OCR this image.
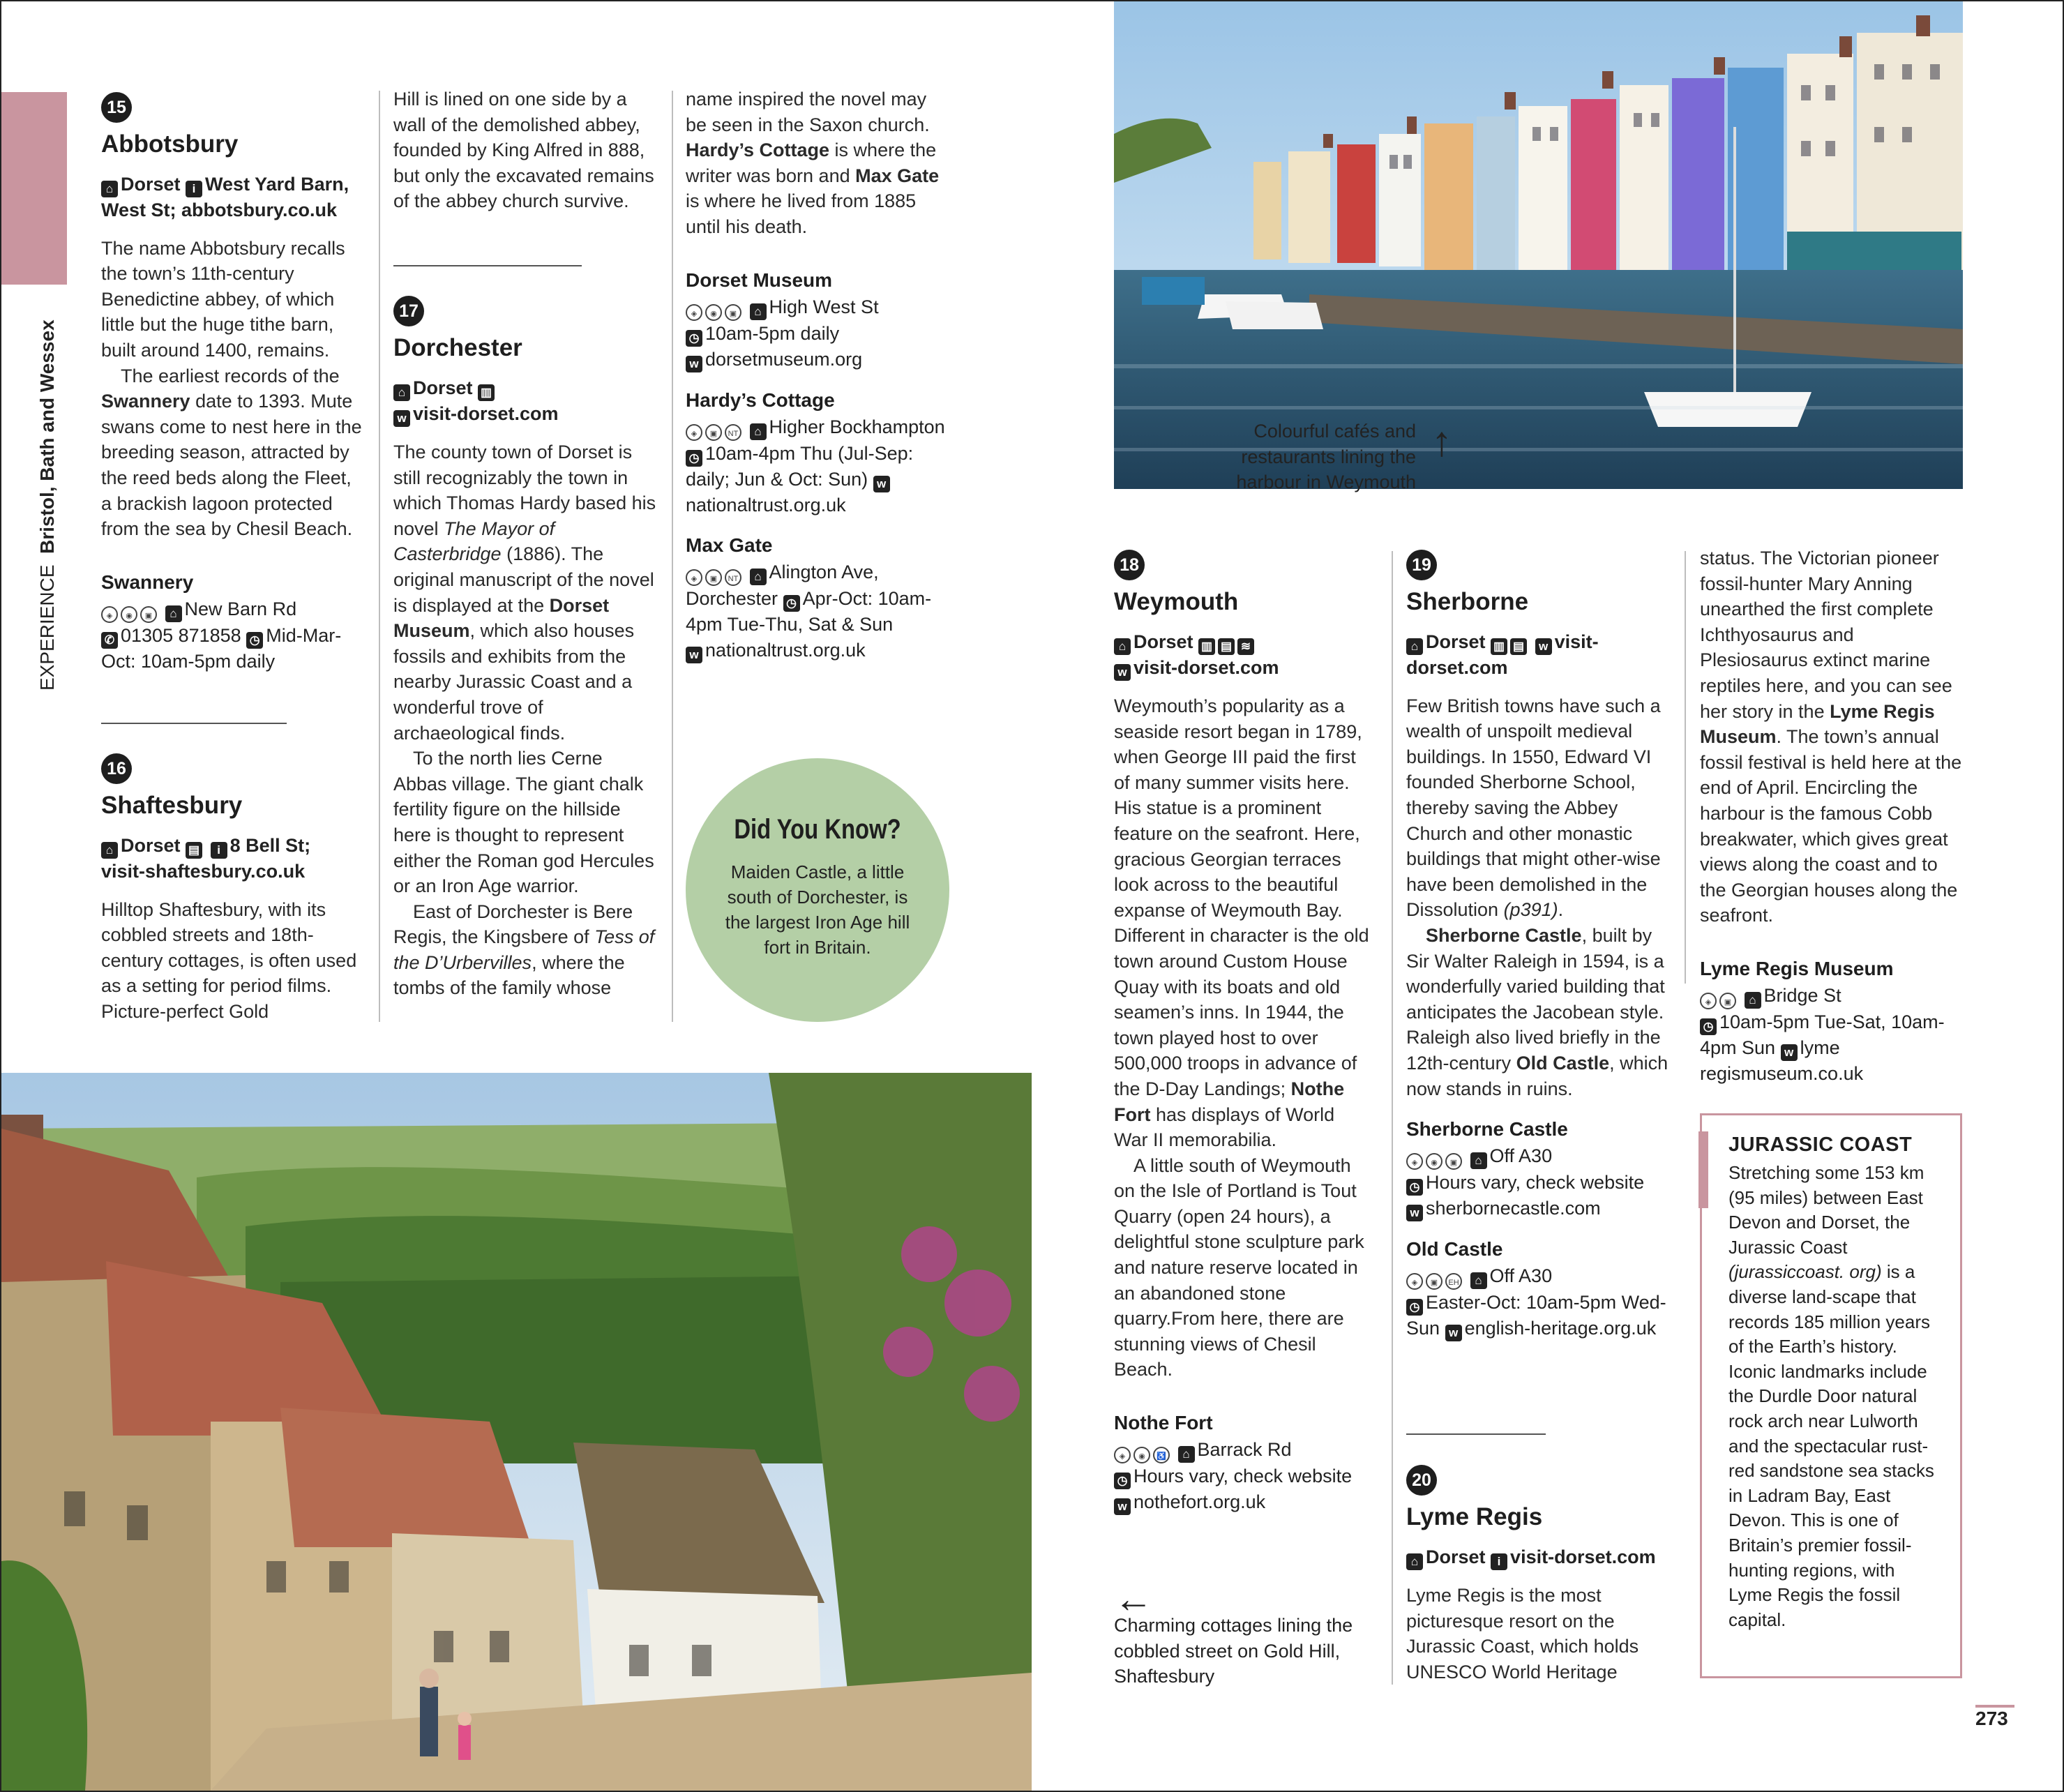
EXPERIENCE  Bristol, Bath and Wessex
15
Abbotsbury
⌂ Dorset i West Yard Barn, West St; abbotsbury.co.uk

The name Abbotsbury recalls the town’s 11th-century Benedictine abbey, of which little but the huge tithe barn, built around 1400, remains.

The earliest records of the Swannery date to 1393. Mute swans come to nest here in the breeding season, attracted by the reed beds along the Fleet, a brackish lagoon protected from the sea by Chesil Beach.

Swannery
◈ ◉ ▣ ⌂ New Barn Rd
✆ 01305 871858 ◷ Mid-Mar-Oct: 10am-5pm daily
16
Shaftesbury
⌂ Dorset ▤ i 8 Bell St;
visit-shaftesbury.co.uk

Hilltop Shaftesbury, with its cobbled streets and 18th-century cottages, is often used as a setting for period films. Picture-perfect Gold

Hill is lined on one side by a wall of the demolished abbey, founded by King Alfred in 888, but only the excavated remains of the abbey church survive.

17
Dorchester
⌂ Dorset ▥
w visit-dorset.com

The county town of Dorset is still recognizably the town in which Thomas Hardy based his novel The Mayor of Casterbridge (1886). The original manuscript of the novel is displayed at the Dorset Museum, which also houses fossils and exhibits from the nearby Jurassic Coast and a wonderful trove of archaeological finds.

To the north lies Cerne Abbas village. The giant chalk fertility figure on the hillside here is thought to represent either the Roman god Hercules or an Iron Age warrior.

East of Dorchester is Bere Regis, the Kingsbere of Tess of the D’Urbervilles, where the tombs of the family whose

name inspired the novel may be seen in the Saxon church. Hardy’s Cottage is where the writer was born and Max Gate is where he lived from 1885 until his death.

Dorset Museum
◈ ◉ ▣ ⌂ High West St
◷ 10am-5pm daily
w dorsetmuseum.org
Hardy’s Cottage
◈ ▣ NT ⌂ Higher Bockhampton ◷ 10am-4pm Thu (Jul-Sep: daily; Jun & Oct: Sun) wnationaltrust.org.uk
Max Gate
◈ ▣ NT ⌂ Alington Ave, Dorchester ◷ Apr-Oct: 10am-4pm Tue-Thu, Sat & Sun
w nationaltrust.org.uk
Did You Know?
Maiden Castle, a little south of Dorchester, is the largest Iron Age hill fort in Britain.
Colourful cafés and restaurants lining the harbour in Weymouth
↑
←
Charming cottages lining the cobbled street on Gold Hill, Shaftesbury
18
Weymouth
⌂ Dorset ▥ ▤ ≋
w visit-dorset.com

Weymouth’s popularity as a seaside resort began in 1789, when George III paid the first of many summer visits here. His statue is a prominent feature on the seafront. Here, gracious Georgian terraces look across to the beautiful expanse of Weymouth Bay. Different in character is the old town around Custom House Quay with its boats and old seamen’s inns. In 1944, the town played host to over 500,000 troops in advance of the D-Day Landings; Nothe Fort has displays of World War II memorabilia.

A little south of Weymouth on the Isle of Portland is Tout Quarry (open 24 hours), a delightful stone sculpture park and nature reserve located in an abandoned stone quarry.From here, there are stunning views of Chesil Beach.

Nothe Fort
◈ ◉ ♿ ⌂ Barrack Rd
◷ Hours vary, check website
w nothefort.org.uk
19
Sherborne
⌂ Dorset ▥ ▤ w visit-dorset.com

Few British towns have such a wealth of unspoilt medieval buildings. In 1550, Edward VI founded Sherborne School, thereby saving the Abbey Church and other monastic buildings that might other-wise have been demolished in the Dissolution (p391).

Sherborne Castle, built by Sir Walter Raleigh in 1594, is a wonderfully varied building that anticipates the Jacobean style. Raleigh also lived briefly in the 12th-century Old Castle, which now stands in ruins.

Sherborne Castle
◈ ◉ ▣ ⌂ Off A30
◷ Hours vary, check website
w sherbornecastle.com
Old Castle
◈ ▣ EH ⌂ Off A30
◷ Easter-Oct: 10am-5pm Wed-Sun w english-heritage.org.uk
20
Lyme Regis
⌂ Dorset i visit-dorset.com

Lyme Regis is the most picturesque resort on the Jurassic Coast, which holds UNESCO World Heritage

status. The Victorian pioneer fossil-hunter Mary Anning unearthed the first complete Ichthyosaurus and Plesiosaurus extinct marine reptiles here, and you can see her story in the Lyme Regis Museum. The town’s annual fossil festival is held here at the end of April. Encircling the harbour is the famous Cobb breakwater, which gives great views along the coast and to the Georgian houses along the seafront.

Lyme Regis Museum
◈ ▣ ⌂ Bridge St
◷ 10am-5pm Tue-Sat, 10am-4pm Sun w lyme regismuseum.co.uk
JURASSIC COAST
Stretching some 153 km (95 miles) between East Devon and Dorset, the Jurassic Coast (jurassiccoast. org) is a diverse land-scape that records 185 million years of the Earth’s history. Iconic landmarks include the Durdle Door natural rock arch near Lulworth and the spectacular rust-red sandstone sea stacks in Ladram Bay, East Devon. This is one of Britain’s premier fossil-hunting regions, with Lyme Regis the fossil capital.
273
